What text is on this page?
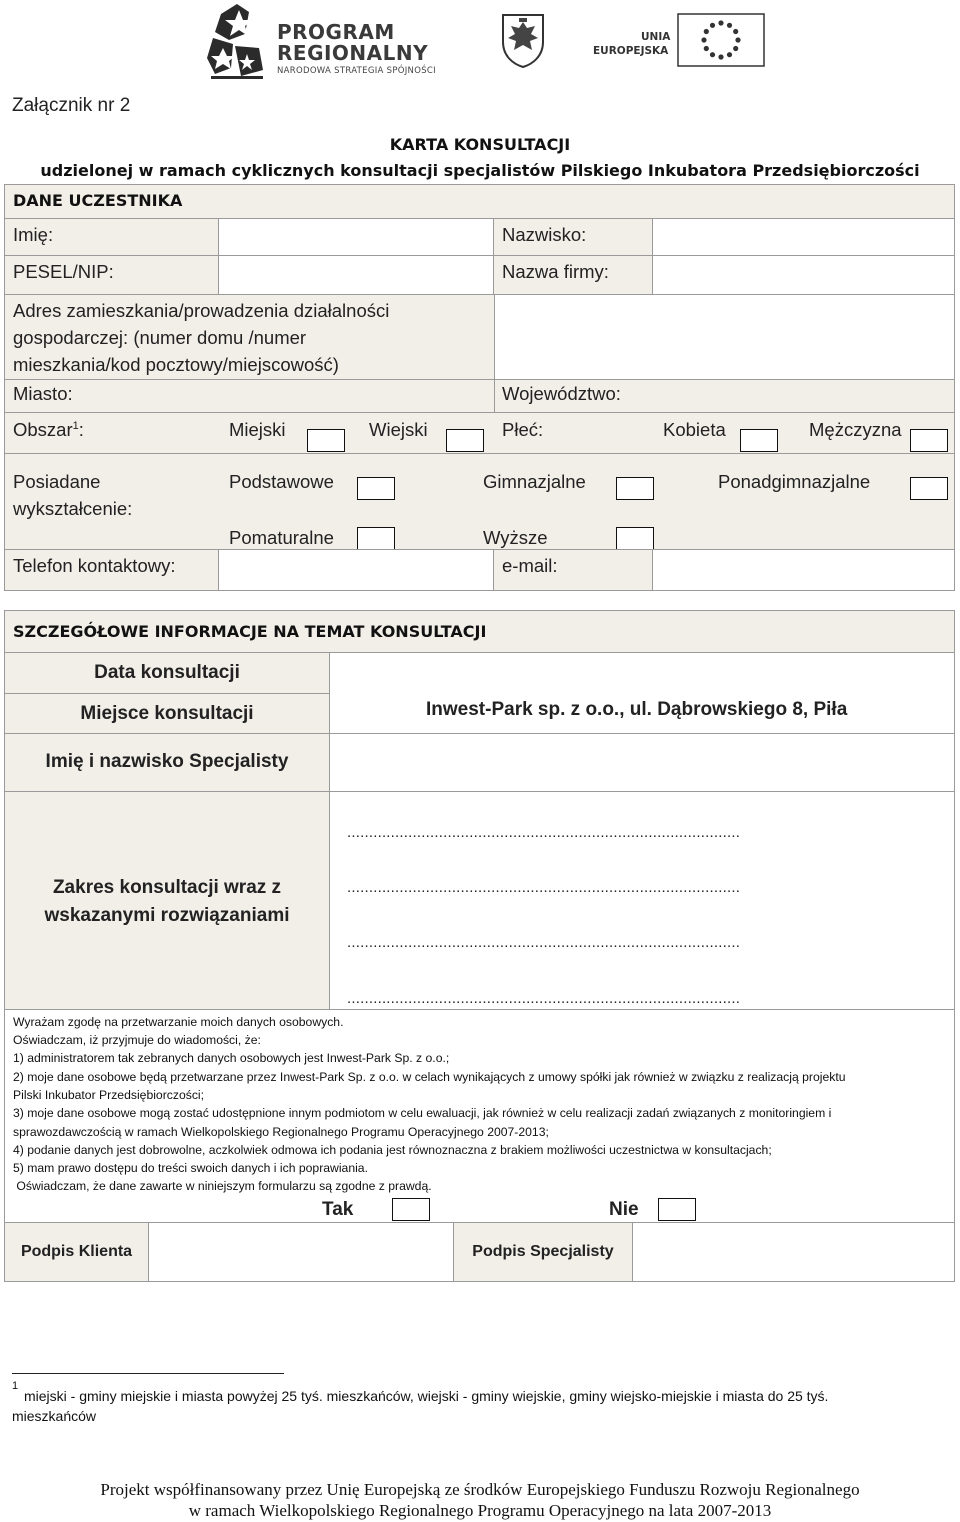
PROGRAM
REGIONALNY
NARODOWA STRATEGIA SPÓJNOŚCI
UNIA
EUROPEJSKA
Załącznik nr 2
KARTA KONSULTACJI
udzielonej w ramach cyklicznych konsultacji specjalistów Pilskiego Inkubatora Przedsiębiorczości
DANE UCZESTNIKA
Imię:	Nazwisko:
PESEL/NIP:	Nazwa firmy:
Adres zamieszkania/prowadzenia działalności
gospodarczej: (numer domu /numer
mieszkania/kod pocztowy/miejscowość)
Miasto:	Województwo:
Obszar$^1$:	Miejski	Wiejski	Płeć:	Kobieta	Mężczyzna
Posiadane
wykształcenie:
Podstawowe	Gimnazjalne	Ponadgimnazjalne
Pomaturalne	Wyższe
Telefon kontaktowy:	e-mail:
SZCZEGÓŁOWE INFORMACJE NA TEMAT KONSULTACJI
Data konsultacji
Miejsce konsultacji	Inwest-Park sp. z o.o., ul. Dąbrowskiego 8, Piła
Imię i nazwisko Specjalisty
Zakres konsultacji wraz z
wskazanymi rozwiązaniami
..........................................................................................
..........................................................................................
..........................................................................................
..........................................................................................
Wyrażam zgodę na przetwarzanie moich danych osobowych.
Oświadczam, iż przyjmuje do wiadomości, że:
1) administratorem tak zebranych danych osobowych jest Inwest-Park Sp. z o.o.;
2) moje dane osobowe będą przetwarzane przez Inwest-Park Sp. z o.o. w celach wynikających z umowy spółki jak również w związku z realizacją projektu
Pilski Inkubator Przedsiębiorczości;
3) moje dane osobowe mogą zostać udostępnione innym podmiotom w celu ewaluacji, jak również w celu realizacji zadań związanych z monitoringiem i
sprawozdawczością w ramach Wielkopolskiego Regionalnego Programu Operacyjnego 2007-2013;
4) podanie danych jest dobrowolne, aczkolwiek odmowa ich podania jest równoznaczna z brakiem możliwości uczestnictwa w konsultacjach;
5) mam prawo dostępu do treści swoich danych i ich poprawiania.
Oświadczam, że dane zawarte w niniejszym formularzu są zgodne z prawdą.
Tak	Nie
Podpis Klienta	Podpis Specjalisty
1
miejski - gminy miejskie i miasta powyżej 25 tyś. mieszkańców, wiejski - gminy wiejskie, gminy wiejsko-miejskie i miasta do 25 tyś.
mieszkańców
Projekt współfinansowany przez Unię Europejską ze środków Europejskiego Funduszu Rozwoju Regionalnego
w ramach Wielkopolskiego Regionalnego Programu Operacyjnego na lata 2007-2013
